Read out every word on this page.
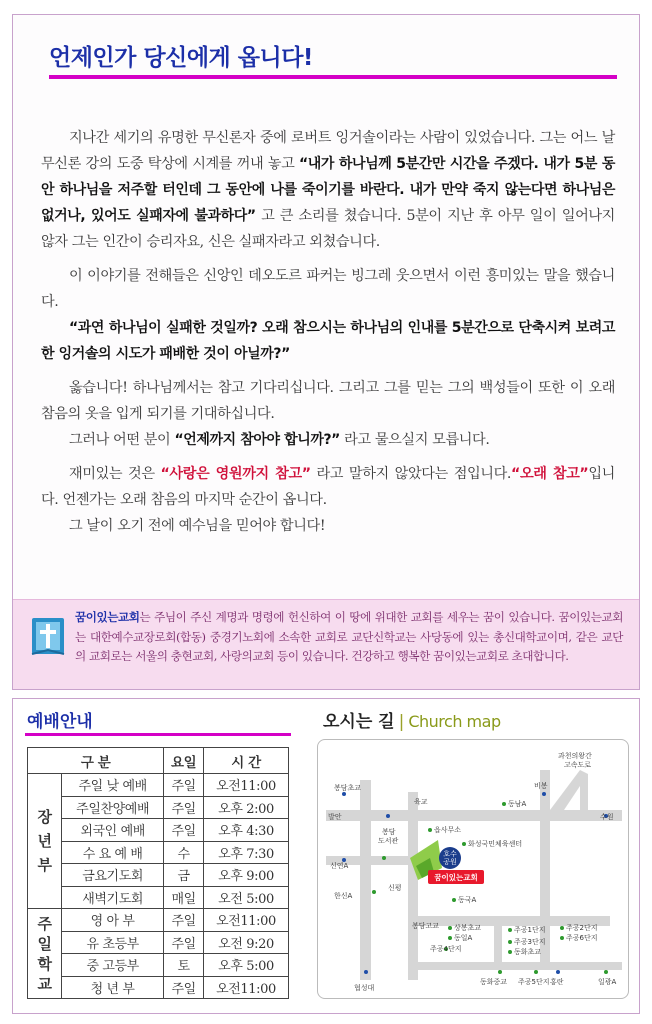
언제인가 당신에게 옵니다!

지나간 세기의 유명한 무신론자 중에 로버트 잉거솔이라는 사람이 있었습니다. 그는 어느 날 무신론 강의 도중 탁상에 시계를 꺼내 놓고 “내가 하나님께 5분간만 시간을 주겠다. 내가 5분 동안 하나님을 저주할 터인데 그 동안에 나를 죽이기를 바란다. 내가 만약 죽지 않는다면 하나님은 없거나, 있어도 실패자에 불과하다” 고 큰 소리를 쳤습니다. 5분이 지난 후 아무 일이 일어나지 않자 그는 인간이 승리자요, 신은 실패자라고 외쳤습니다.

이 이야기를 전해들은 신앙인 데오도르 파커는 빙그레 웃으면서 이런 흥미있는 말을 했습니다.

“과연 하나님이 실패한 것일까? 오래 참으시는 하나님의 인내를 5분간으로 단축시켜 보려고 한 잉거솔의 시도가 패배한 것이 아닐까?”

옳습니다! 하나님께서는 참고 기다리십니다. 그리고 그를 믿는 그의 백성들이 또한 이 오래 참음의 옷을 입게 되기를 기대하십니다.

그러나 어떤 분이 “언제까지 참아야 합니까?” 라고 물으실지 모릅니다.

재미있는 것은 “사랑은 영원까지 참고” 라고 말하지 않았다는 점입니다.“오래 참고”입니다. 언젠가는 오래 참음의 마지막 순간이 옵니다.

그 날이 오기 전에 예수님을 믿어야 합니다!

꿈이있는교회는 주님이 주신 계명과 명령에 헌신하여 이 땅에 위대한 교회를 세우는 꿈이 있습니다. 꿈이있는교회는 대한예수교장로회(합동) 중경기노회에 소속한 교회로 교단신학교는 사당동에 있는 총신대학교이며, 같은 교단의 교회로는 서울의 충현교회, 사랑의교회 등이 있습니다. 건강하고 행복한 꿈이있는교회로 초대합니다.

예배안내
구 분		요일	시 간

장
년
부	주일 낮 예배	주일	오전11:00
	주일찬양예배	주일	오후 2:00
	외국인 예배	주일	오후 4:30
	수 요 예 배	수	오후 7:30
	금요기도회	금	오후 9:00
	새벽기도회	매일	오전 5:00

주
일
학
교	영 아 부	주일	오전11:00
	유 초등부	주일	오전 9:20
	중 고등부	토	오후 5:00
	청 년 부	주일	오전11:00
오시는 길 | Church map
호수
공원
꿈이있는교회
봉담초교	비봉
과천의왕간
고속도로
육교	동남A
발안	수원
봉담
도서관
읍사무소
화성국민체육센터
신연A
신평
동국A
한신A
봉담고교 상봉초교
동일A
주공4단지
주공1단지
주공3단지
동화초교
주공2단지
주공6단지
동화중교 주공5단지
협성대
홍란	일광A
